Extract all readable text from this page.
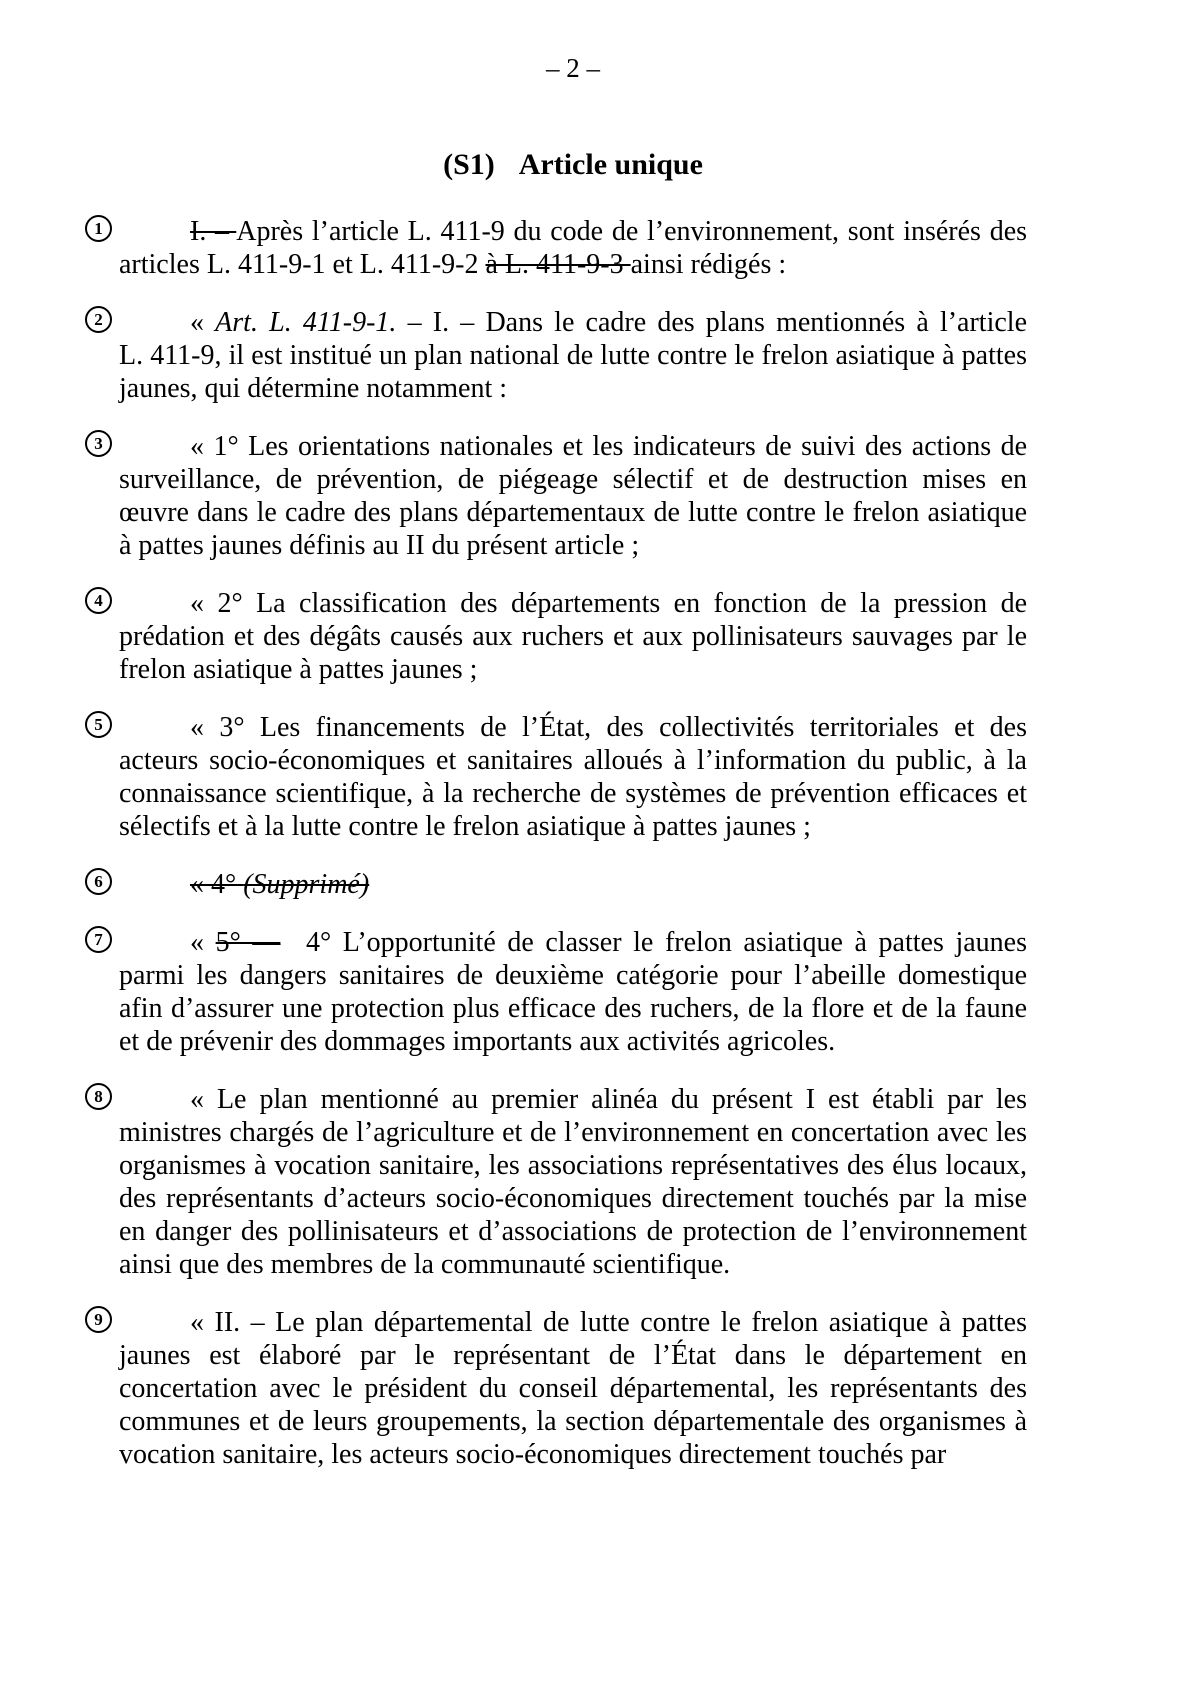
– 2 –
(S1) Article unique
1	I. – Après l’article L. 411-9 du code de l’environnement, sont insérés des articles L. 411-9-1 et L. 411-9-2 à L. 411-9-3 ainsi rédigés :
2	« Art. L. 411-9-1. – I. – Dans le cadre des plans mentionnés à l’article L. 411-9, il est institué un plan national de lutte contre le frelon asiatique à pattes jaunes, qui détermine notamment :
3	« 1° Les orientations nationales et les indicateurs de suivi des actions de surveillance, de prévention, de piégeage sélectif et de destruction mises en œuvre dans le cadre des plans départementaux de lutte contre le frelon asiatique à pattes jaunes définis au II du présent article ;
4	« 2° La classification des départements en fonction de la pression de prédation et des dégâts causés aux ruchers et aux pollinisateurs sauvages par le frelon asiatique à pattes jaunes ;
5	« 3° Les financements de l’État, des collectivités territoriales et des acteurs socio-économiques et sanitaires alloués à l’information du public, à la connaissance scientifique, à la recherche de systèmes de prévention efficaces et sélectifs et à la lutte contre le frelon asiatique à pattes jaunes ;
6	« 4° (Supprimé)
7	« 5° —  4° L’opportunité de classer le frelon asiatique à pattes jaunes parmi les dangers sanitaires de deuxième catégorie pour l’abeille domestique afin d’assurer une protection plus efficace des ruchers, de la flore et de la faune et de prévenir des dommages importants aux activités agricoles.
8	« Le plan mentionné au premier alinéa du présent I est établi par les ministres chargés de l’agriculture et de l’environnement en concertation avec les organismes à vocation sanitaire, les associations représentatives des élus locaux, des représentants d’acteurs socio-économiques directement touchés par la mise en danger des pollinisateurs et d’associations de protection de l’environnement ainsi que des membres de la communauté scientifique.
9	« II. – Le plan départemental de lutte contre le frelon asiatique à pattes jaunes est élaboré par le représentant de l’État dans le département en concertation avec le président du conseil départemental, les représentants des communes et de leurs groupements, la section départementale des organismes à vocation sanitaire, les acteurs socio-économiques directement touchés par
